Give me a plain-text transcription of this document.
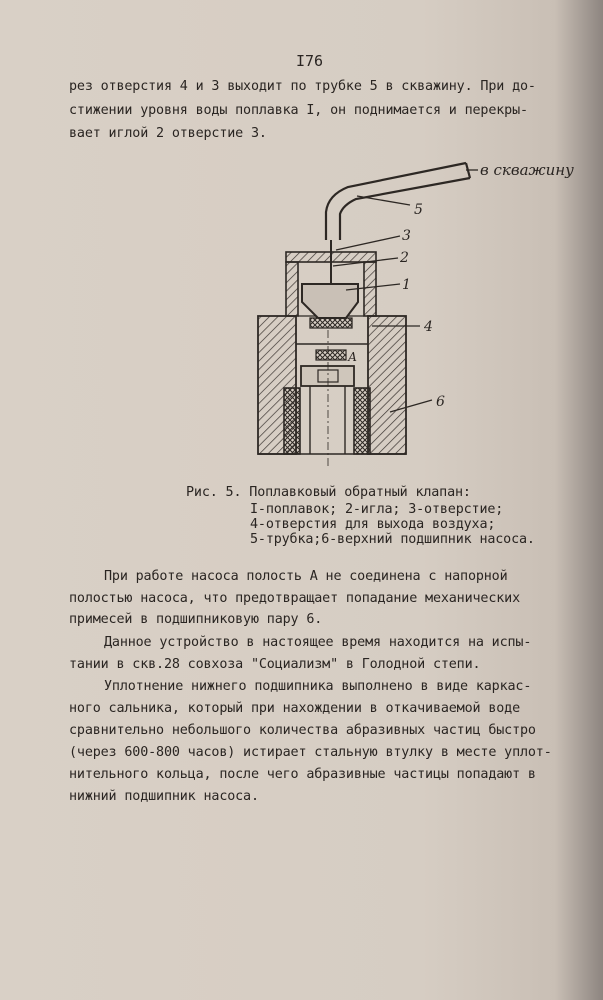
I76
рез отверстия 4 и 3 выходит по трубке 5 в скважину. При до-
стижении уровня воды поплавка I, он поднимается и перекры-
вает иглой 2 отверстие 3.
в скважину
5
3
2
1
4
6
А
Рис. 5. Поплавковый обратный клапан:
I-поплавок; 2-игла; 3-отверстие;
4-отверстия для выхода воздуха;
5-трубка;6-верхний подшипник насоса.
При работе насоса полость А не соединена с напорной
полостью насоса, что предотвращает попадание механических
примесей в подшипниковую пару 6.
Данное устройство в настоящее время находится на испы-
тании в скв.28 совхоза "Социализм" в Голодной степи.
Уплотнение нижнего подшипника выполнено в виде каркас-
ного сальника, который при нахождении в откачиваемой воде
сравнительно небольшого количества абразивных частиц быстро
(через 600-800 часов) истирает стальную втулку в месте уплот-
нительного кольца, после чего абразивные частицы попадают в
нижний подшипник насоса.
